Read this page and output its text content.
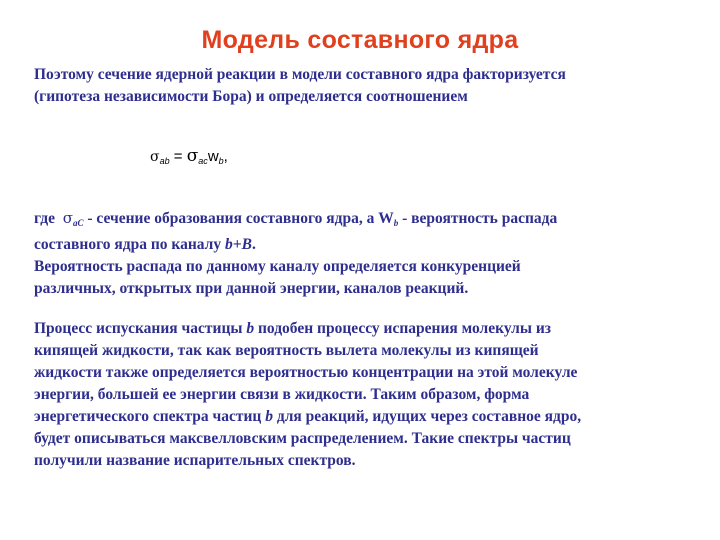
Модель составного ядра
Поэтому сечение ядерной реакции в модели составного ядра факторизуется
(гипотеза независимости Бора) и определяется соотношением
$\sigma_{ab} = \sigma_{ac}w_b$,
где  $\sigma_{aC}$ - сечение образования составного ядра, а $W_b$ - вероятность распада
составного ядра по каналу b+B.
Вероятность распада по данному каналу определяется конкуренцией
различных, открытых при данной энергии, каналов реакций.
Процесс испускания частицы b подобен процессу испарения молекулы из
кипящей жидкости, так как вероятность вылета молекулы из кипящей
жидкости также определяется вероятностью концентрации на этой молекуле
энергии, большей ее энергии связи в жидкости. Таким образом, форма
энергетического спектра частиц b для реакций, идущих через составное ядро,
будет описываться максвелловским распределением. Такие спектры частиц
получили название испарительных спектров.
